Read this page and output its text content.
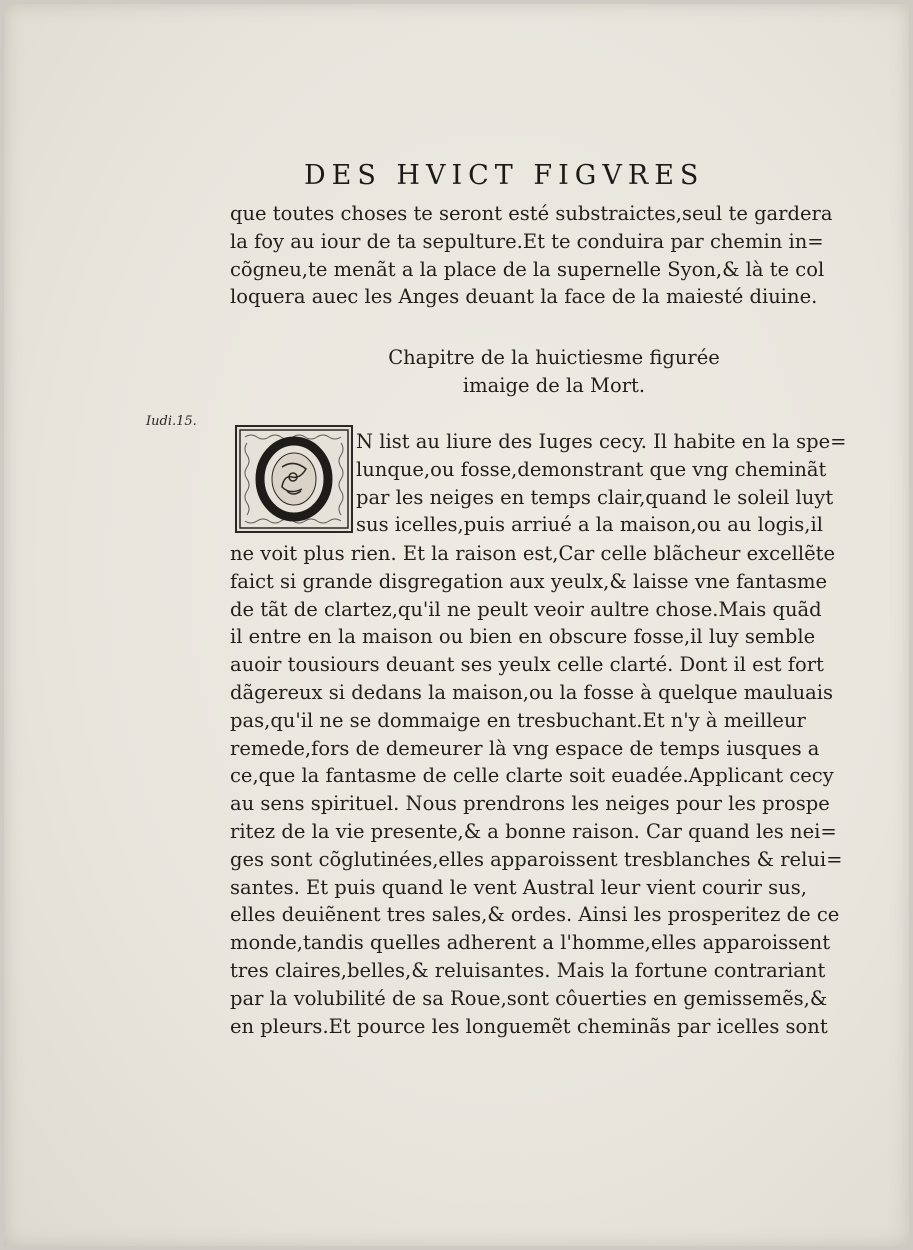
DES HVICT FIGVRES
que toutes choses te seront esté substraictes,seul te gardera
la foy au iour de ta sepulture.Et te conduira par chemin in=
cõgneu,te menãt a la place de la supernelle Syon,& là te col
loquera auec les Anges deuant la face de la maiesté diuine.
Chapitre de la huictiesme figurée
imaige de la Mort.
Iudi.15.
N list au liure des Iuges cecy. Il habite en la spe=
lunque,ou fosse,demonstrant que vng cheminãt
par les neiges en temps clair,quand le soleil luyt
sus icelles,puis arriué a la maison,ou au logis,il
ne voit plus rien. Et la raison est,Car celle blãcheur excellẽte
faict si grande disgregation aux yeulx,& laisse vne fantasme
de tãt de clartez,qu'il ne peult veoir aultre chose.Mais quãd
il entre en la maison ou bien en obscure fosse,il luy semble
auoir tousiours deuant ses yeulx celle clarté. Dont il est fort
dãgereux si dedans la maison,ou la fosse à quelque mauluais
pas,qu'il ne se dommaige en tresbuchant.Et n'y à meilleur
remede,fors de demeurer là vng espace de temps iusques a
ce,que la fantasme de celle clarte soit euadée.Applicant cecy
au sens spirituel. Nous prendrons les neiges pour les prospe
ritez de la vie presente,& a bonne raison. Car quand les nei=
ges sont cõglutinées,elles apparoissent tresblanches & relui=
santes. Et puis quand le vent Austral leur vient courir sus,
elles deuiẽnent tres sales,& ordes. Ainsi les prosperitez de ce
monde,tandis quelles adherent a l'homme,elles apparoissent
tres claires,belles,& reluisantes. Mais la fortune contrariant
par la volubilité de sa Roue,sont côuerties en gemissemẽs,&
en pleurs.Et pource les longuemẽt cheminãs par icelles sont
